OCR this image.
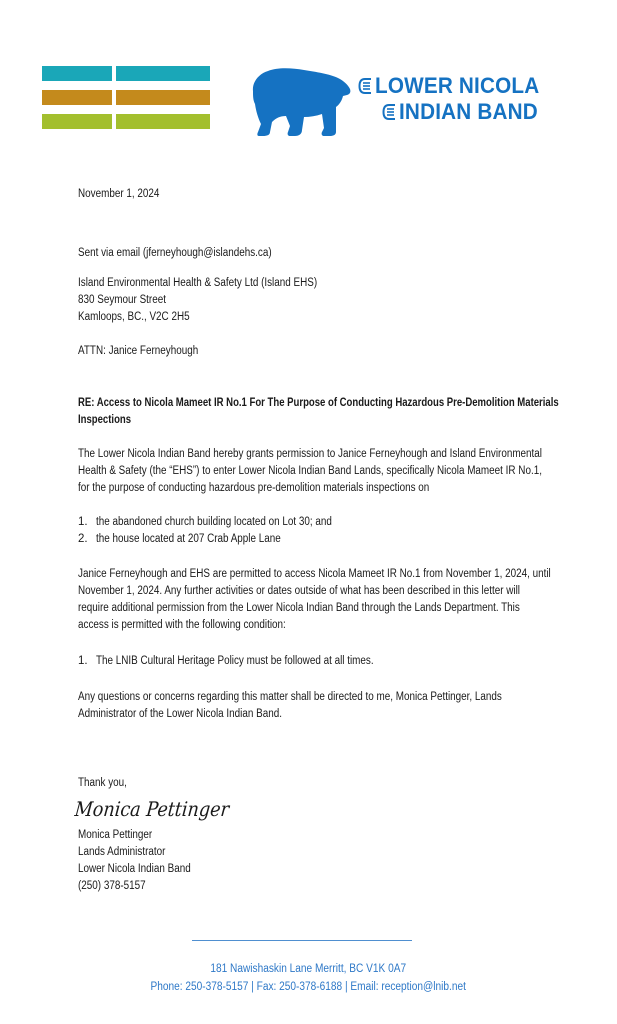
LOWER NICOLA
INDIAN BAND
November 1, 2024
Sent via email (jferneyhough@islandehs.ca)
Island Environmental Health & Safety Ltd (Island EHS)
830 Seymour Street
Kamloops, BC., V2C 2H5
ATTN: Janice Ferneyhough
RE: Access to Nicola Mameet IR No.1 For The Purpose of Conducting Hazardous Pre-Demolition Materials
Inspections
The Lower Nicola Indian Band hereby grants permission to Janice Ferneyhough and Island Environmental
Health & Safety (the “EHS”) to enter Lower Nicola Indian Band Lands, specifically Nicola Mameet IR No.1,
for the purpose of conducting hazardous pre-demolition materials inspections on
1. the abandoned church building located on Lot 30; and
2. the house located at 207 Crab Apple Lane
Janice Ferneyhough and EHS are permitted to access Nicola Mameet IR No.1 from November 1, 2024, until
November 1, 2024. Any further activities or dates outside of what has been described in this letter will
require additional permission from the Lower Nicola Indian Band through the Lands Department. This
access is permitted with the following condition:
1. The LNIB Cultural Heritage Policy must be followed at all times.
Any questions or concerns regarding this matter shall be directed to me, Monica Pettinger, Lands
Administrator of the Lower Nicola Indian Band.
Thank you,
Monica Pettinger
Monica Pettinger
Lands Administrator
Lower Nicola Indian Band
(250) 378-5157
181 Nawishaskin Lane Merritt, BC V1K 0A7
Phone: 250-378-5157 | Fax: 250-378-6188 | Email: reception@lnib.net
